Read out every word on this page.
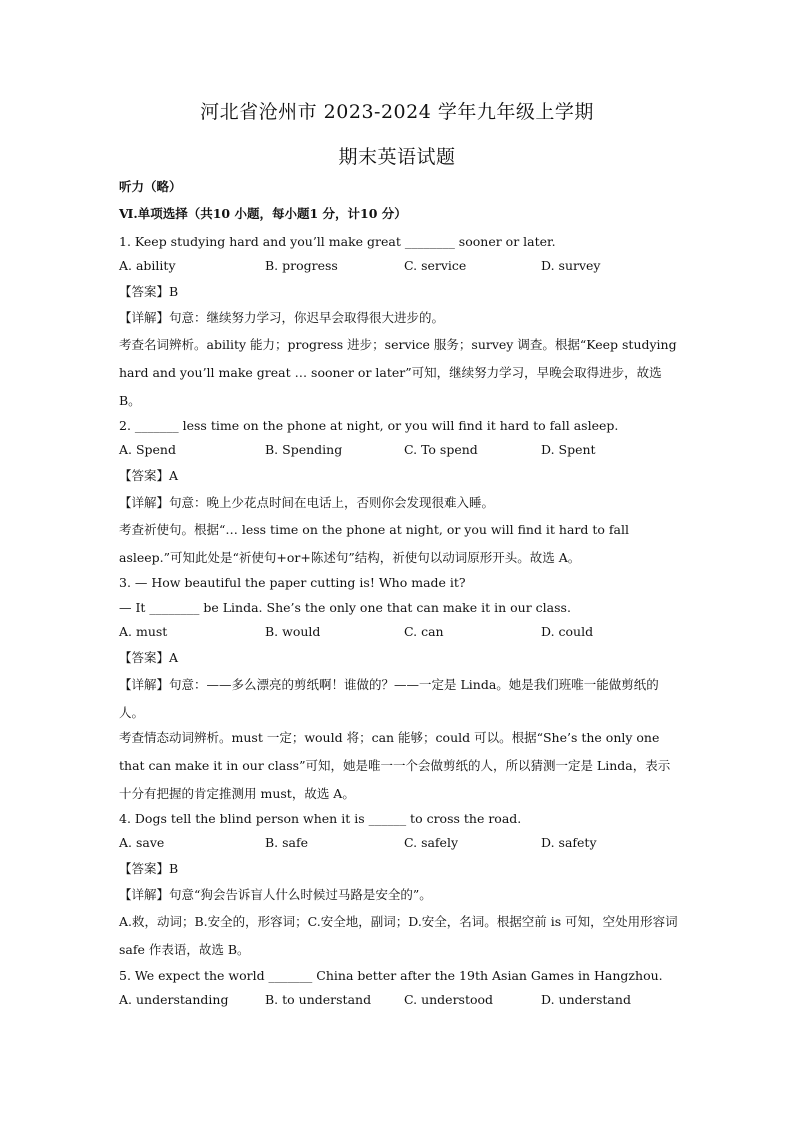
河北省沧州市 2023-2024 学年九年级上学期
期末英语试题
听力（略）
Ⅵ.单项选择（共10 小题，每小题1 分，计10 分）
1. Keep studying hard and you’ll make great ________ sooner or later.
A. ability	B. progress	C. service	D. survey
【答案】B
【详解】句意：继续努力学习，你迟早会取得很大进步的。
考查名词辨析。ability 能力；progress 进步；service 服务；survey 调查。根据“Keep studying hard and you’ll make great … sooner or later”可知，继续努力学习，早晚会取得进步，故选 B。
2. _______ less time on the phone at night, or you will find it hard to fall asleep.
A. Spend	B. Spending	C. To spend	D. Spent
【答案】A
【详解】句意：晚上少花点时间在电话上，否则你会发现很难入睡。
考查祈使句。根据“… less time on the phone at night, or you will find it hard to fall asleep.”可知此处是“祈使句+or+陈述句”结构，祈使句以动词原形开头。故选 A。
3. — How beautiful the paper cutting is! Who made it?
— It ________ be Linda. She’s the only one that can make it in our class.
A. must	B. would	C. can	D. could
【答案】A
【详解】句意：——多么漂亮的剪纸啊！谁做的？——一定是 Linda。她是我们班唯一能做剪纸的人。
考查情态动词辨析。must 一定；would 将；can 能够；could 可以。根据“She’s the only one that can make it in our class”可知，她是唯一一个会做剪纸的人，所以猜测一定是 Linda，表示十分有把握的肯定推测用 must，故选 A。
4. Dogs tell the blind person when it is ______ to cross the road.
A. save	B. safe	C. safely	D. safety
【答案】B
【详解】句意“狗会告诉盲人什么时候过马路是安全的”。
A.救，动词；B.安全的，形容词；C.安全地，副词；D.安全，名词。根据空前 is 可知，空处用形容词 safe 作表语，故选 B。
5. We expect the world _______ China better after the 19th Asian Games in Hangzhou.
A. understanding	B. to understand	C. understood	D. understand
